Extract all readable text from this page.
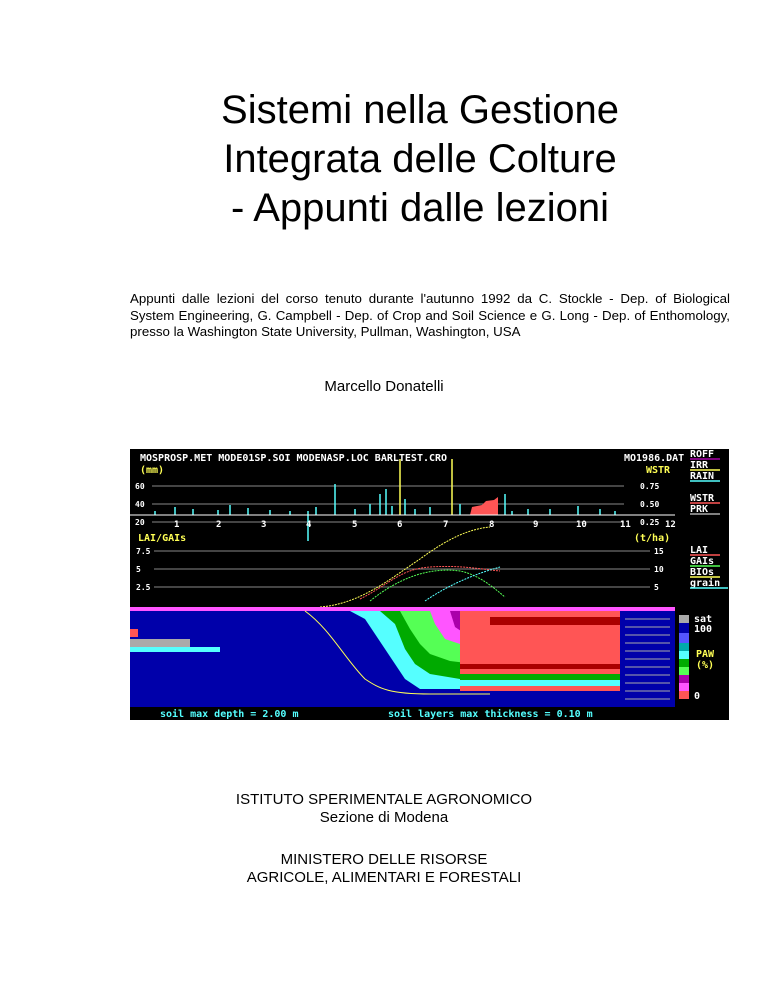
Sistemi nella Gestione
Integrata delle Colture
- Appunti dalle lezioni
Appunti dalle lezioni del corso tenuto durante l'autunno 1992 da C. Stockle - Dep. of Biological System Engineering, G. Campbell - Dep. of Crop and Soil Science e G. Long - Dep. of Enthomology, presso la Washington State University, Pullman, Washington, USA
Marcello Donatelli
MOSPROSP.MET MODE01SP.SOI MODENASP.LOC BARLTEST.CRO	MO1986.DAT
(mm)	WSTR
60
40
20
0.75
0.50
0.25
1	2	3	4	5	6	7	8	9	10	11	12
ROFF
IRR
RAIN
WSTR
PRK
LAI/GAIs	(t/ha)
7.5
5
2.5
15
10
5
LAI
GAIs
BIOs
grain
sat
100
PAW
(%)
0
soil max depth = 2.00 m	soil layers max thickness = 0.10 m
ISTITUTO SPERIMENTALE AGRONOMICO
Sezione di Modena
MINISTERO DELLE RISORSE
AGRICOLE, ALIMENTARI E FORESTALI
